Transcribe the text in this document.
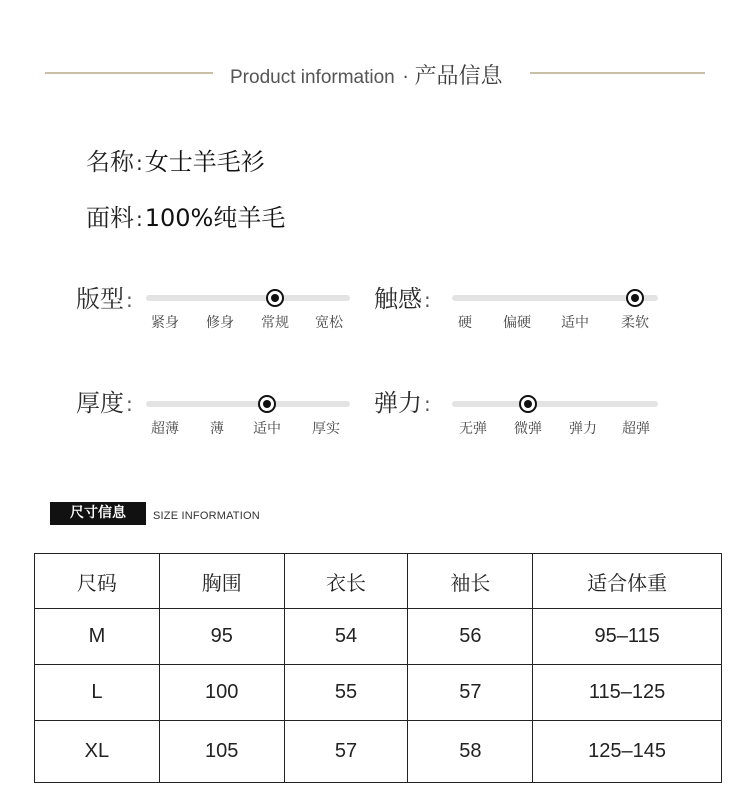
Product information · 产品信息
名称 :女士羊毛衫
面料 :100%纯羊毛
版型 :
紧身 修身 常规 宽松
触感 :
硬 偏硬 适中 柔软
厚度 :
超薄 薄 适中 厚实
弹力 :
无弹 微弹 弹力 超弹
尺寸信息	SIZE INFORMATION
尺码	胸围	衣长	袖长	适合体重
M	95	54	56	95–115
L	100	55	57	115–125
XL	105	57	58	125–145
